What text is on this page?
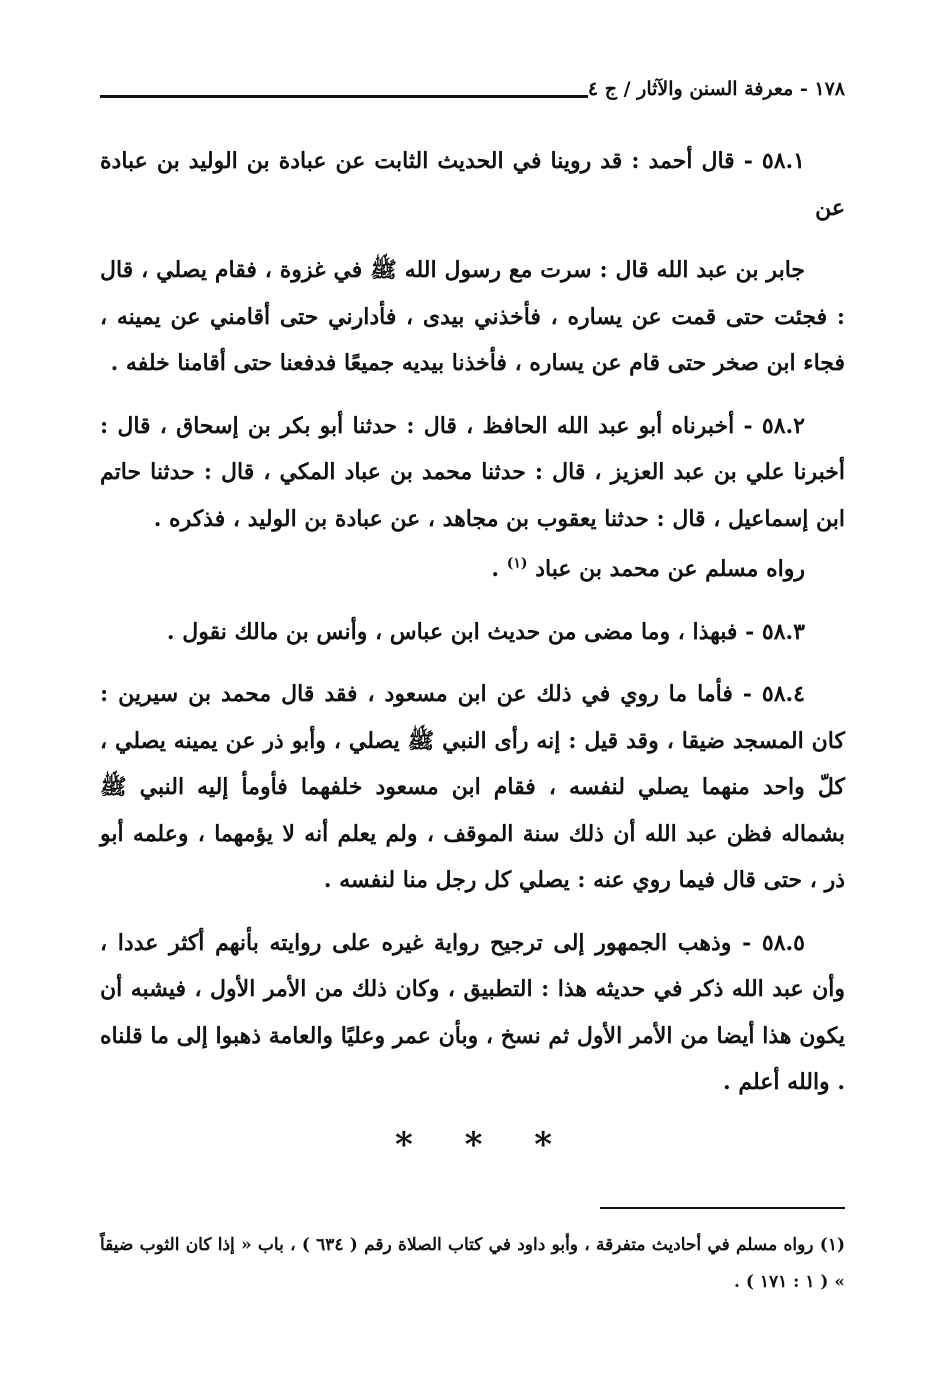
١٧٨ - معرفة السنن والآثار / ج ٤

٥٨.١ - قال أحمد : قد روينا في الحديث الثابت عن عبادة بن الوليد بن عبادة عن

جابر بن عبد الله قال : سرت مع رسول الله ﷺ في غزوة ، فقام يصلي ، قال : فجئت حتى قمت عن يساره ، فأخذني بيدى ، فأدارني حتى أقامني عن يمينه ، فجاء ابن صخر حتى قام عن يساره ، فأخذنا بيديه جميعًا فدفعنا حتى أقامنا خلفه .

٥٨.٢ - أخبرناه أبو عبد الله الحافظ ، قال : حدثنا أبو بكر بن إسحاق ، قال : أخبرنا علي بن عبد العزيز ، قال : حدثنا محمد بن عباد المكي ، قال : حدثنا حاتم ابن إسماعيل ، قال : حدثنا يعقوب بن مجاهد ، عن عبادة بن الوليد ، فذكره .

رواه مسلم عن محمد بن عباد $^{(١)}$ .

٥٨.٣ - فبهذا ، وما مضى من حديث ابن عباس ، وأنس بن مالك نقول .

٥٨.٤ - فأما ما روي في ذلك عن ابن مسعود ، فقد قال محمد بن سيرين : كان المسجد ضيقا ، وقد قيل : إنه رأى النبي ﷺ يصلي ، وأبو ذر عن يمينه يصلي ، كلّ واحد منهما يصلي لنفسه ، فقام ابن مسعود خلفهما فأومأ إليه النبي ﷺ بشماله فظن عبد الله أن ذلك سنة الموقف ، ولم يعلم أنه لا يؤمهما ، وعلمه أبو ذر ، حتى قال فيما روي عنه : يصلي كل رجل منا لنفسه .

٥٨.٥ - وذهب الجمهور إلى ترجيح رواية غيره على روايته بأنهم أكثر عددا ، وأن عبد الله ذكر في حديثه هذا : التطبيق ، وكان ذلك من الأمر الأول ، فيشبه أن يكون هذا أيضا من الأمر الأول ثم نسخ ، وبأن عمر وعليًا والعامة ذهبوا إلى ما قلناه . والله أعلم .

* * *
(١) رواه مسلم في أحاديث متفرقة ، وأبو داود في كتاب الصلاة رقم ( ٦٣٤ ) ، باب « إذا كان الثوب ضيقاً » ( ١ : ١٧١ ) .
